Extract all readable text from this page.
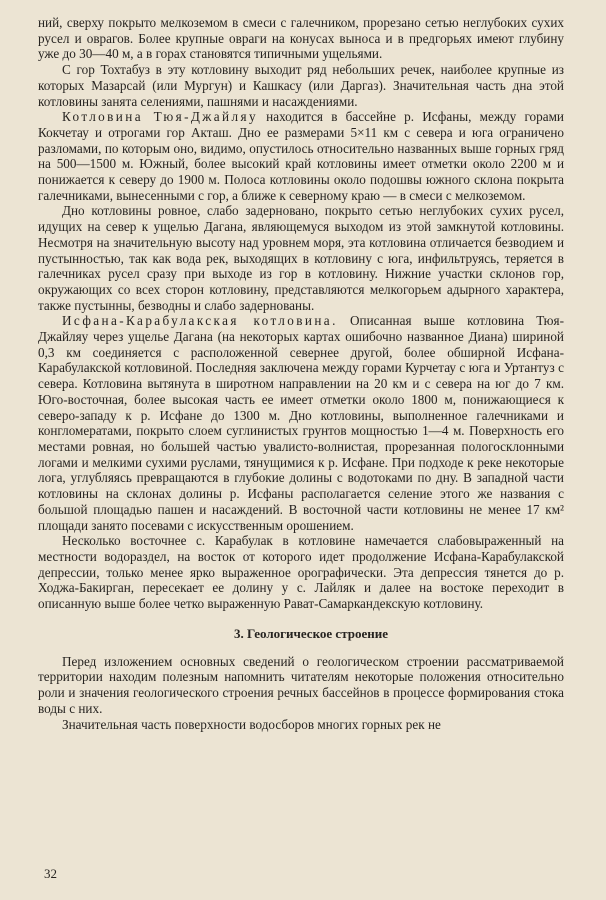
ний, сверху покрыто мелкоземом в смеси с галечником, прорезано сетью неглубоких сухих русел и оврагов. Более крупные овраги на конусах выноса и в предгорьях имеют глубину уже до 30—40 м, а в горах становятся типичными ущельями.

С гор Тохтабуз в эту котловину выходит ряд небольших речек, наиболее крупные из которых Мазарсай (или Мургун) и Кашкасу (или Даргаз). Значительная часть дна этой котловины занята селениями, пашнями и насаждениями.

Котловина Тюя-Джайляу находится в бассейне р. Исфаны, между горами Кокчетау и отрогами гор Акташ. Дно ее размерами 5×11 км с севера и юга ограничено разломами, по которым оно, видимо, опустилось относительно названных выше горных гряд на 500—1500 м. Южный, более высокий край котловины имеет отметки около 2200 м и понижается к северу до 1900 м. Полоса котловины около подошвы южного склона покрыта галечниками, вынесенными с гор, а ближе к северному краю — в смеси с мелкоземом.

Дно котловины ровное, слабо задерновано, покрыто сетью неглубоких сухих русел, идущих на север к ущелью Дагана, являющемуся выходом из этой замкнутой котловины. Несмотря на значительную высоту над уровнем моря, эта котловина отличается безводием и пустынностью, так как вода рек, выходящих в котловину с юга, инфильтруясь, теряется в галечниках русел сразу при выходе из гор в котловину. Нижние участки склонов гор, окружающих со всех сторон котловину, представляются мелкогорьем адырного характера, также пустынны, безводны и слабо задернованы.

Исфана-Карабулакская котловина. Описанная выше котловина Тюя-Джайляу через ущелье Дагана (на некоторых картах ошибочно названное Диана) шириной 0,3 км соединяется с расположенной севернее другой, более обширной Исфана-Карабулакской котловиной. Последняя заключена между горами Курчетау с юга и Уртантуз с севера. Котловина вытянута в широтном направлении на 20 км и с севера на юг до 7 км. Юго-восточная, более высокая часть ее имеет отметки около 1800 м, понижающиеся к северо-западу к р. Исфане до 1300 м. Дно котловины, выполненное галечниками и конгломератами, покрыто слоем суглинистых грунтов мощностью 1—4 м. Поверхность его местами ровная, но большей частью увалисто-волнистая, прорезанная пологосклонными логами и мелкими сухими руслами, тянущимися к р. Исфане. При подходе к реке некоторые лога, углубляясь превращаются в глубокие долины с водотоками по дну. В западной части котловины на склонах долины р. Исфаны располагается селение этого же названия с большой площадью пашен и насаждений. В восточной части котловины не менее 17 км² площади занято посевами с искусственным орошением.

Несколько восточнее с. Карабулак в котловине намечается слабовыраженный на местности водораздел, на восток от которого идет продолжение Исфана-Карабулакской депрессии, только менее ярко выраженное орографически. Эта депрессия тянется до р. Ходжа-Бакирган, пересекает ее долину у с. Лайляк и далее на востоке переходит в описанную выше более четко выраженную Рават-Самаркандекскую котловину.

3. Геологическое строение

Перед изложением основных сведений о геологическом строении рассматриваемой территории находим полезным напомнить читателям некоторые положения относительно роли и значения геологического строения речных бассейнов в процессе формирования стока воды с них.

Значительная часть поверхности водосборов многих горных рек не

32
